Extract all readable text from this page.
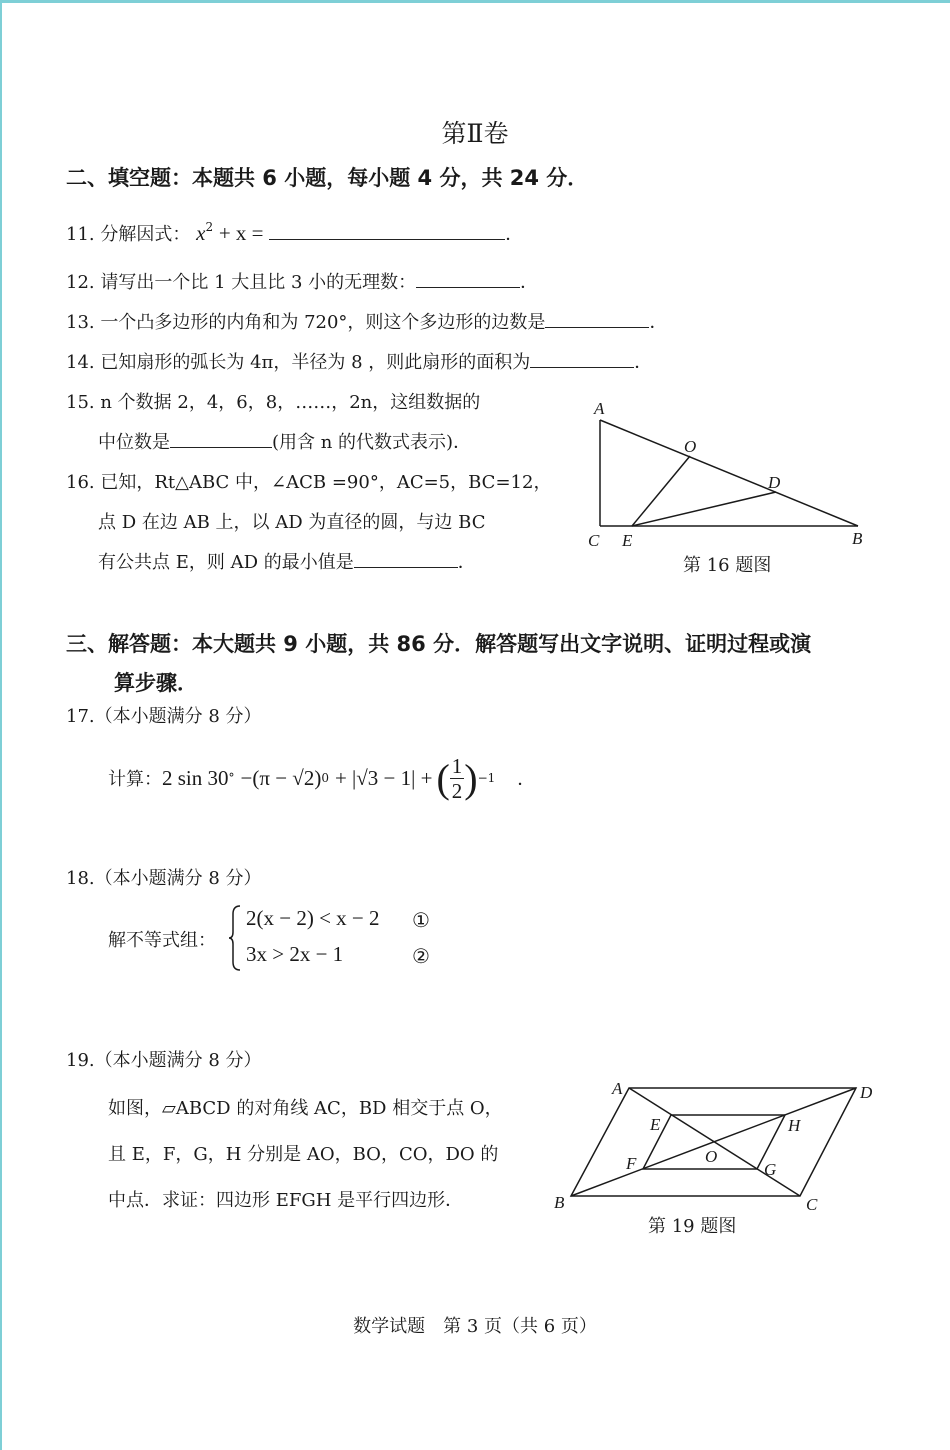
第Ⅱ卷
二、填空题：本题共 6 小题，每小题 4 分，共 24 分．
11. 分解因式： $x^2 + x$ =	．
12. 请写出一个比 1 大且比 3 小的无理数：	．
13. 一个凸多边形的内角和为 720°，则这个多边形的边数是	．
14. 已知扇形的弧长为 4π，半径为 8 ，则此扇形的面积为	．
15. n 个数据 2，4，6，8，……，2n，这组数据的
中位数是	(用含 n 的代数式表示)．
16. 已知，Rt△ABC 中，∠ACB =90°，AC=5，BC=12，
点 D 在边 AB 上，以 AD 为直径的圆，与边 BC
有公共点 E，则 AD 的最小值是	．
A
O
D
C E	B
第 16 题图
三、解答题：本大题共 9 小题，共 86 分．解答题写出文字说明、证明过程或演
算步骤．
17.（本小题满分 8 分）
计算： 2 sin 30 ° −(π − √2) 0 + |√3 − 1| + ( $\frac{1}{2}$ ) −1 ．
18.（本小题满分 8 分）
解不等式组：
2(x − 2) < x − 2 ①
3x > 2x − 1	②
19.（本小题满分 8 分）
如图，▱ABCD 的对角线 AC，BD 相交于点 O，
且 E，F，G，H 分别是 AO，BO，CO，DO 的
中点．求证：四边形 EFGH 是平行四边形．
A	D
E	H
O
F	G
B	C
第 19 题图
数学试题　第 3 页（共 6 页）
